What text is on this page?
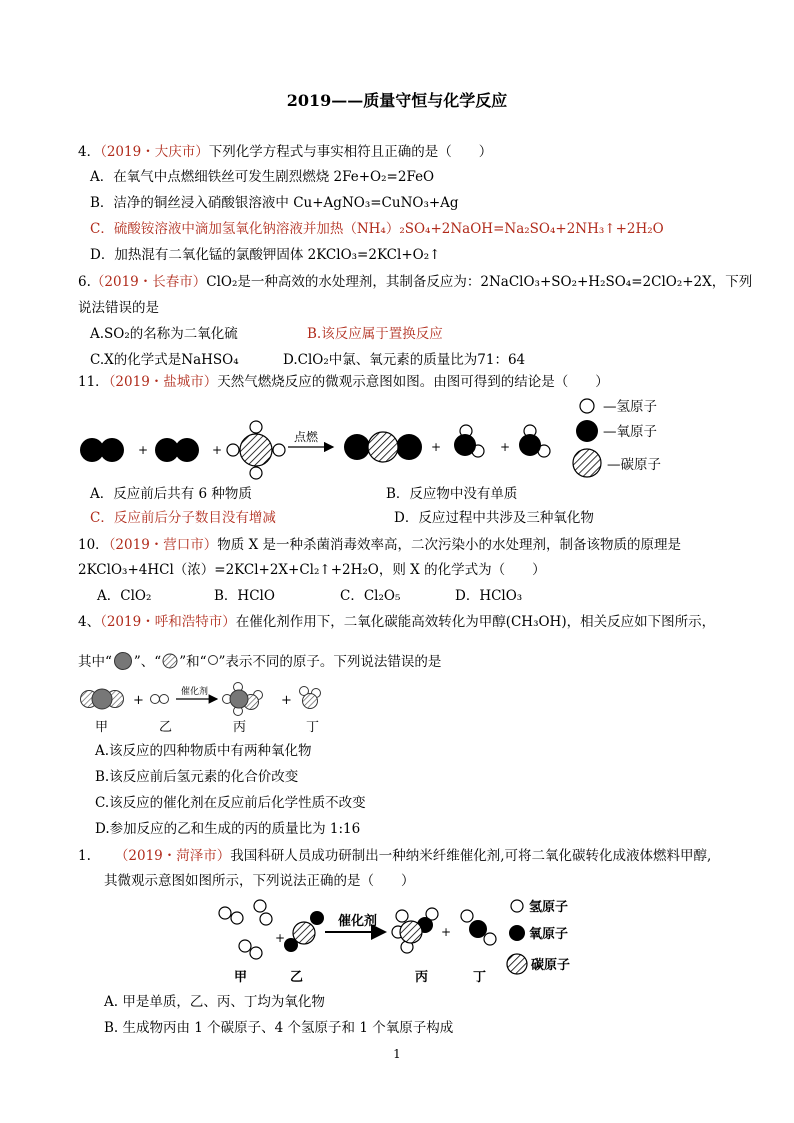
2019——质量守恒与化学反应
4．（2019・大庆市）下列化学方程式与事实相符且正确的是（　　）
A．在氧气中点燃细铁丝可发生剧烈燃烧 2Fe+O₂=2FeO
B．洁净的铜丝浸入硝酸银溶液中 Cu+AgNO₃=CuNO₃+Ag
C．硫酸铵溶液中滴加氢氧化钠溶液并加热（NH₄）₂SO₄+2NaOH=Na₂SO₄+2NH₃↑+2H₂O
D．加热混有二氧化锰的氯酸钾固体 2KClO₃=2KCl+O₂↑
6.（2019・长春市）ClO₂是一种高效的水处理剂，其制备反应为：2NaClO₃+SO₂+H₂SO₄=2ClO₂+2X，下列
说法错误的是
A.SO₂的名称为二氧化硫	B.该反应属于置换反应
C.X的化学式是NaHSO₄	D.ClO₂中氯、氧元素的质量比为71：64
11．（2019・盐城市）天然气燃烧反应的微观示意图如图。由图可得到的结论是（　　）
+	+
点燃
+	+
—氢原子
—氧原子
—碳原子
A．反应前后共有 6 种物质	B．反应物中没有单质
C．反应前后分子数目没有增减	D．反应过程中共涉及三种氧化物
10．（2019・营口市）物质 X 是一种杀菌消毒效率高，二次污染小的水处理剂，制备该物质的原理是
2KClO₃+4HCl（浓）=2KCl+2X+Cl₂↑+2H₂O，则 X 的化学式为（　　）
A．ClO₂	B．HClO	C．Cl₂O₅	D．HClO₃
4、（2019・呼和浩特市）在催化剂作用下，二氧化碳能高效转化为甲醇(CH₃OH)，相关反应如下图所示，
其中“ ”、“ ”和“ ”表示不同的原子。下列说法错误的是
+
催化剂
+
甲	乙	丙	丁
A.该反应的四种物质中有两种氧化物
B.该反应前后氢元素的化合价改变
C.该反应的催化剂在反应前后化学性质不改变
D.参加反应的乙和生成的丙的质量比为 1:16
1. （2019・菏泽市）我国科研人员成功研制出一种纳米纤维催化剂,可将二氧化碳转化成液体燃料甲醇,
其微观示意图如图所示，下列说法正确的是（　　）
+
催化剂
+
氢原子
氧原子
碳原子
甲	乙	丙	丁
A. 甲是单质，乙、丙、丁均为氧化物
B. 生成物丙由 1 个碳原子、4 个氢原子和 1 个氧原子构成
1
